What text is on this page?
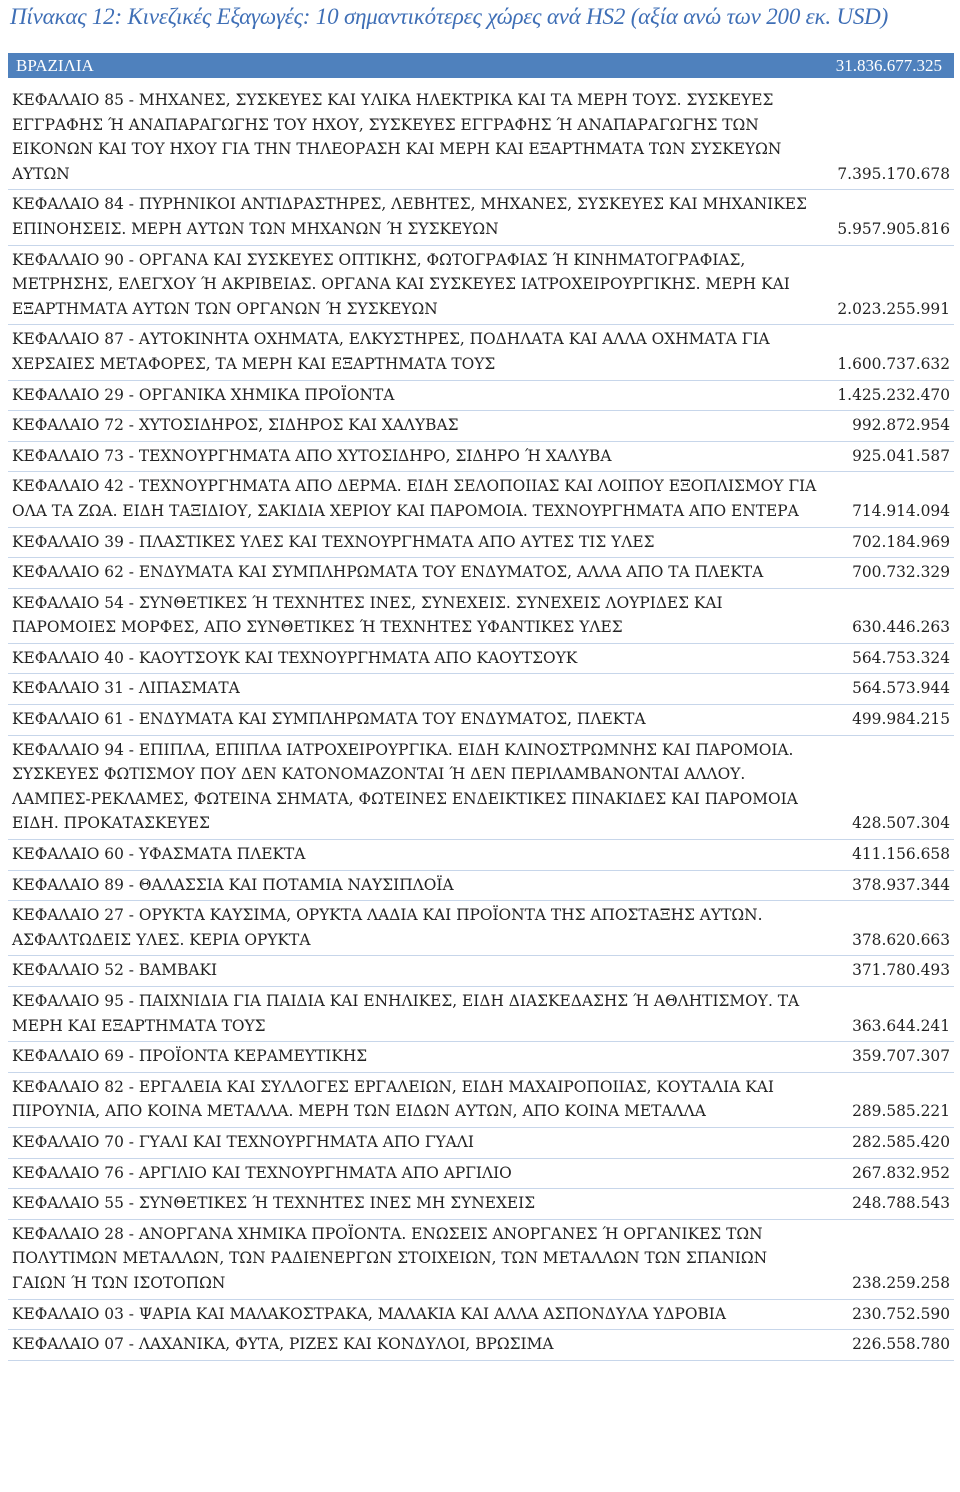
Πίνακας 12: Κινεζικές Εξαγωγές: 10 σημαντικότερες χώρες ανά HS2 (αξία ανώ των 200 εκ. USD)
ΒΡΑΖΙΛΙΑ	31.836.677.325
ΚΕΦΑΛΑΙΟ 85 - ΜΗΧΑΝΕΣ, ΣΥΣΚΕΥΕΣ ΚΑΙ ΥΛΙΚΑ ΗΛΕΚΤΡΙΚΑ ΚΑΙ ΤΑ ΜΕΡΗ ΤΟΥΣ. ΣΥΣΚΕΥΕΣ ΕΓΓΡΑΦΗΣ Ή ΑΝΑΠΑΡΑΓΩΓΗΣ ΤΟΥ ΗΧΟΥ, ΣΥΣΚΕΥΕΣ ΕΓΓΡΑΦΗΣ Ή ΑΝΑΠΑΡΑΓΩΓΗΣ ΤΩΝ ΕΙΚΟΝΩΝ ΚΑΙ ΤΟΥ ΗΧΟΥ ΓΙΑ ΤΗΝ ΤΗΛΕΟΡΑΣΗ ΚΑΙ ΜΕΡΗ ΚΑΙ ΕΞΑΡΤΗΜΑΤΑ ΤΩΝ ΣΥΣΚΕΥΩΝ ΑΥΤΩΝ	7.395.170.678
ΚΕΦΑΛΑΙΟ 84 - ΠΥΡΗΝΙΚΟΙ ΑΝΤΙΔΡΑΣΤΗΡΕΣ, ΛΕΒΗΤΕΣ, ΜΗΧΑΝΕΣ, ΣΥΣΚΕΥΕΣ ΚΑΙ ΜΗΧΑΝΙΚΕΣ ΕΠΙΝΟΗΣΕΙΣ. ΜΕΡΗ ΑΥΤΩΝ ΤΩΝ ΜΗΧΑΝΩΝ Ή ΣΥΣΚΕΥΩΝ	5.957.905.816
ΚΕΦΑΛΑΙΟ 90 - ΟΡΓΑΝΑ ΚΑΙ ΣΥΣΚΕΥΕΣ ΟΠΤΙΚΗΣ, ΦΩΤΟΓΡΑΦΙΑΣ Ή ΚΙΝΗΜΑΤΟΓΡΑΦΙΑΣ, ΜΕΤΡΗΣΗΣ, ΕΛΕΓΧΟΥ Ή ΑΚΡΙΒΕΙΑΣ. ΟΡΓΑΝΑ ΚΑΙ ΣΥΣΚΕΥΕΣ ΙΑΤΡΟΧΕΙΡΟΥΡΓΙΚΗΣ. ΜΕΡΗ ΚΑΙ ΕΞΑΡΤΗΜΑΤΑ ΑΥΤΩΝ ΤΩΝ ΟΡΓΑΝΩΝ Ή ΣΥΣΚΕΥΩΝ	2.023.255.991
ΚΕΦΑΛΑΙΟ 87 - ΑΥΤΟΚΙΝΗΤΑ ΟΧΗΜΑΤΑ, ΕΛΚΥΣΤΗΡΕΣ, ΠΟΔΗΛΑΤΑ ΚΑΙ ΑΛΛΑ ΟΧΗΜΑΤΑ ΓΙΑ ΧΕΡΣΑΙΕΣ ΜΕΤΑΦΟΡΕΣ, ΤΑ ΜΕΡΗ ΚΑΙ ΕΞΑΡΤΗΜΑΤΑ ΤΟΥΣ	1.600.737.632
ΚΕΦΑΛΑΙΟ 29 - ΟΡΓΑΝΙΚΑ ΧΗΜΙΚΑ ΠΡΟΪΟΝΤΑ	1.425.232.470
ΚΕΦΑΛΑΙΟ 72 - ΧΥΤΟΣΙΔΗΡΟΣ, ΣΙΔΗΡΟΣ ΚΑΙ ΧΑΛΥΒΑΣ	992.872.954
ΚΕΦΑΛΑΙΟ 73 - ΤΕΧΝΟΥΡΓΗΜΑΤΑ ΑΠΟ ΧΥΤΟΣΙΔΗΡΟ, ΣΙΔΗΡΟ Ή ΧΑΛΥΒΑ	925.041.587
ΚΕΦΑΛΑΙΟ 42 - ΤΕΧΝΟΥΡΓΗΜΑΤΑ ΑΠΟ ΔΕΡΜΑ. ΕΙΔΗ ΣΕΛΟΠΟΙΙΑΣ ΚΑΙ ΛΟΙΠΟΥ ΕΞΟΠΛΙΣΜΟΥ ΓΙΑ ΟΛΑ ΤΑ ΖΩΑ. ΕΙΔΗ ΤΑΞΙΔΙΟΥ, ΣΑΚΙΔΙΑ ΧΕΡΙΟΥ ΚΑΙ ΠΑΡΟΜΟΙΑ. ΤΕΧΝΟΥΡΓΗΜΑΤΑ ΑΠΟ ΕΝΤΕΡΑ	714.914.094
ΚΕΦΑΛΑΙΟ 39 - ΠΛΑΣΤΙΚΕΣ ΥΛΕΣ ΚΑΙ ΤΕΧΝΟΥΡΓΗΜΑΤΑ ΑΠΟ ΑΥΤΕΣ ΤΙΣ ΥΛΕΣ	702.184.969
ΚΕΦΑΛΑΙΟ 62 - ΕΝΔΥΜΑΤΑ ΚΑΙ ΣΥΜΠΛΗΡΩΜΑΤΑ ΤΟΥ ΕΝΔΥΜΑΤΟΣ, ΑΛΛΑ ΑΠΟ ΤΑ ΠΛΕΚΤΑ	700.732.329
ΚΕΦΑΛΑΙΟ 54 - ΣΥΝΘΕΤΙΚΕΣ Ή ΤΕΧΝΗΤΕΣ ΙΝΕΣ, ΣΥΝΕΧΕΙΣ. ΣΥΝΕΧΕΙΣ ΛΟΥΡΙΔΕΣ ΚΑΙ ΠΑΡΟΜΟΙΕΣ ΜΟΡΦΕΣ, ΑΠΟ ΣΥΝΘΕΤΙΚΕΣ Ή ΤΕΧΝΗΤΕΣ ΥΦΑΝΤΙΚΕΣ ΥΛΕΣ	630.446.263
ΚΕΦΑΛΑΙΟ 40 - ΚΑΟΥΤΣΟΥΚ ΚΑΙ ΤΕΧΝΟΥΡΓΗΜΑΤΑ ΑΠΟ ΚΑΟΥΤΣΟΥΚ	564.753.324
ΚΕΦΑΛΑΙΟ 31 - ΛΙΠΑΣΜΑΤΑ	564.573.944
ΚΕΦΑΛΑΙΟ 61 - ΕΝΔΥΜΑΤΑ ΚΑΙ ΣΥΜΠΛΗΡΩΜΑΤΑ ΤΟΥ ΕΝΔΥΜΑΤΟΣ, ΠΛΕΚΤΑ	499.984.215
ΚΕΦΑΛΑΙΟ 94 - ΕΠΙΠΛΑ, ΕΠΙΠΛΑ ΙΑΤΡΟΧΕΙΡΟΥΡΓΙΚΑ. ΕΙΔΗ ΚΛΙΝΟΣΤΡΩΜΝΗΣ ΚΑΙ ΠΑΡΟΜΟΙΑ. ΣΥΣΚΕΥΕΣ ΦΩΤΙΣΜΟΥ ΠΟΥ ΔΕΝ ΚΑΤΟΝΟΜΑΖΟΝΤΑΙ Ή ΔΕΝ ΠΕΡΙΛΑΜΒΑΝΟΝΤΑΙ ΑΛΛΟΥ. ΛΑΜΠΕΣ-ΡΕΚΛΑΜΕΣ, ΦΩΤΕΙΝΑ ΣΗΜΑΤΑ, ΦΩΤΕΙΝΕΣ ΕΝΔΕΙΚΤΙΚΕΣ ΠΙΝΑΚΙΔΕΣ ΚΑΙ ΠΑΡΟΜΟΙΑ ΕΙΔΗ. ΠΡΟΚΑΤΑΣΚΕΥΕΣ	428.507.304
ΚΕΦΑΛΑΙΟ 60 - ΥΦΑΣΜΑΤΑ ΠΛΕΚΤΑ	411.156.658
ΚΕΦΑΛΑΙΟ 89 - ΘΑΛΑΣΣΙΑ ΚΑΙ ΠΟΤΑΜΙΑ ΝΑΥΣΙΠΛΟΪΑ	378.937.344
ΚΕΦΑΛΑΙΟ 27 - ΟΡΥΚΤΑ ΚΑΥΣΙΜΑ, ΟΡΥΚΤΑ ΛΑΔΙΑ ΚΑΙ ΠΡΟΪΟΝΤΑ ΤΗΣ ΑΠΟΣΤΑΞΗΣ ΑΥΤΩΝ. ΑΣΦΑΛΤΩΔΕΙΣ ΥΛΕΣ. ΚΕΡΙΑ ΟΡΥΚΤΑ	378.620.663
ΚΕΦΑΛΑΙΟ 52 - ΒΑΜΒΑΚΙ	371.780.493
ΚΕΦΑΛΑΙΟ 95 - ΠΑΙΧΝΙΔΙΑ ΓΙΑ ΠΑΙΔΙΑ ΚΑΙ ΕΝΗΛΙΚΕΣ, ΕΙΔΗ ΔΙΑΣΚΕΔΑΣΗΣ Ή ΑΘΛΗΤΙΣΜΟΥ. ΤΑ ΜΕΡΗ ΚΑΙ ΕΞΑΡΤΗΜΑΤΑ ΤΟΥΣ	363.644.241
ΚΕΦΑΛΑΙΟ 69 - ΠΡΟΪΟΝΤΑ ΚΕΡΑΜΕΥΤΙΚΗΣ	359.707.307
ΚΕΦΑΛΑΙΟ 82 - ΕΡΓΑΛΕΙΑ ΚΑΙ ΣΥΛΛΟΓΕΣ ΕΡΓΑΛΕΙΩΝ, ΕΙΔΗ ΜΑΧΑΙΡΟΠΟΙΙΑΣ, ΚΟΥΤΑΛΙΑ ΚΑΙ ΠΙΡΟΥΝΙΑ, ΑΠΟ ΚΟΙΝΑ ΜΕΤΑΛΛΑ. ΜΕΡΗ ΤΩΝ ΕΙΔΩΝ ΑΥΤΩΝ, ΑΠΟ ΚΟΙΝΑ ΜΕΤΑΛΛΑ	289.585.221
ΚΕΦΑΛΑΙΟ 70 - ΓΥΑΛΙ ΚΑΙ ΤΕΧΝΟΥΡΓΗΜΑΤΑ ΑΠΟ ΓΥΑΛΙ	282.585.420
ΚΕΦΑΛΑΙΟ 76 - ΑΡΓΙΛΙΟ ΚΑΙ ΤΕΧΝΟΥΡΓΗΜΑΤΑ ΑΠΟ ΑΡΓΙΛΙΟ	267.832.952
ΚΕΦΑΛΑΙΟ 55 - ΣΥΝΘΕΤΙΚΕΣ Ή ΤΕΧΝΗΤΕΣ ΙΝΕΣ ΜΗ ΣΥΝΕΧΕΙΣ	248.788.543
ΚΕΦΑΛΑΙΟ 28 - ΑΝΟΡΓΑΝΑ ΧΗΜΙΚΑ ΠΡΟΪΟΝΤΑ. ΕΝΩΣΕΙΣ ΑΝΟΡΓΑΝΕΣ Ή ΟΡΓΑΝΙΚΕΣ ΤΩΝ ΠΟΛΥΤΙΜΩΝ ΜΕΤΑΛΛΩΝ, ΤΩΝ ΡΑΔΙΕΝΕΡΓΩΝ ΣΤΟΙΧΕΙΩΝ, ΤΩΝ ΜΕΤΑΛΛΩΝ ΤΩΝ ΣΠΑΝΙΩΝ ΓΑΙΩΝ Ή ΤΩΝ ΙΣΟΤΟΠΩΝ	238.259.258
ΚΕΦΑΛΑΙΟ 03 - ΨΑΡΙΑ ΚΑΙ ΜΑΛΑΚΟΣΤΡΑΚΑ, ΜΑΛΑΚΙΑ ΚΑΙ ΑΛΛΑ ΑΣΠΟΝΔΥΛΑ ΥΔΡΟΒΙΑ	230.752.590
ΚΕΦΑΛΑΙΟ 07 - ΛΑΧΑΝΙΚΑ, ΦΥΤΑ, ΡΙΖΕΣ ΚΑΙ ΚΟΝΔΥΛΟΙ, ΒΡΩΣΙΜΑ	226.558.780
